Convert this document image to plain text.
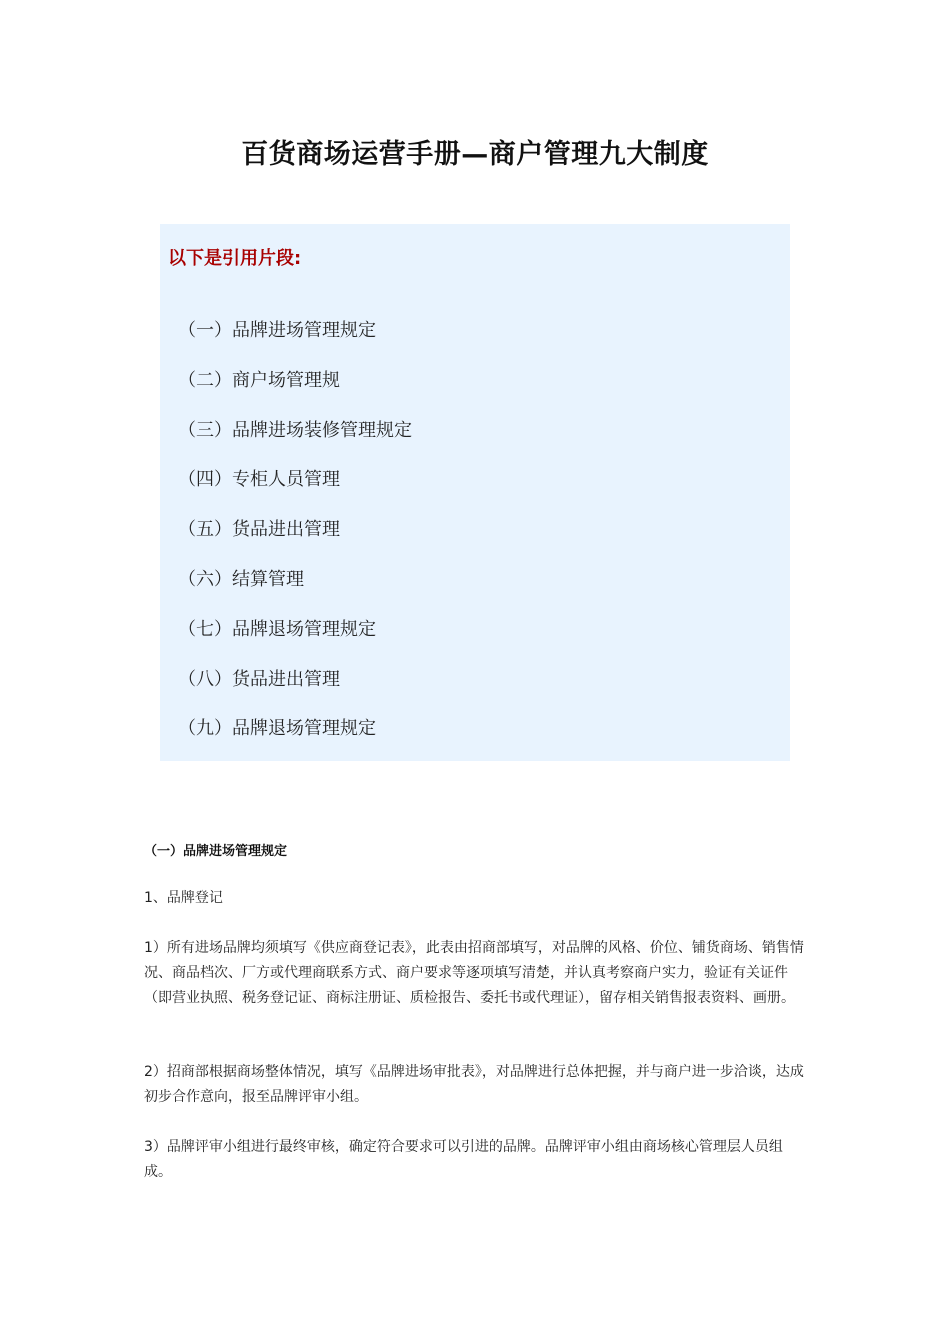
百货商场运营手册—商户管理九大制度

以下是引用片段:

（一）品牌进场管理规定
（二）商户场管理规
（三）品牌进场装修管理规定
（四）专柜人员管理
（五）货品进出管理
（六）结算管理
（七）品牌退场管理规定
（八）货品进出管理
（九）品牌退场管理规定
（一）品牌进场管理规定

1、品牌登记

1）所有进场品牌均须填写《供应商登记表》，此表由招商部填写，对品牌的风格、价位、铺货商场、销售情况、商品档次、厂方或代理商联系方式、商户要求等逐项填写清楚，并认真考察商户实力，验证有关证件（即营业执照、税务登记证、商标注册证、质检报告、委托书或代理证），留存相关销售报表资料、画册。

2）招商部根据商场整体情况，填写《品牌进场审批表》，对品牌进行总体把握，并与商户进一步洽谈，达成初步合作意向，报至品牌评审小组。

3）品牌评审小组进行最终审核，确定符合要求可以引进的品牌。品牌评审小组由商场核心管理层人员组成。
